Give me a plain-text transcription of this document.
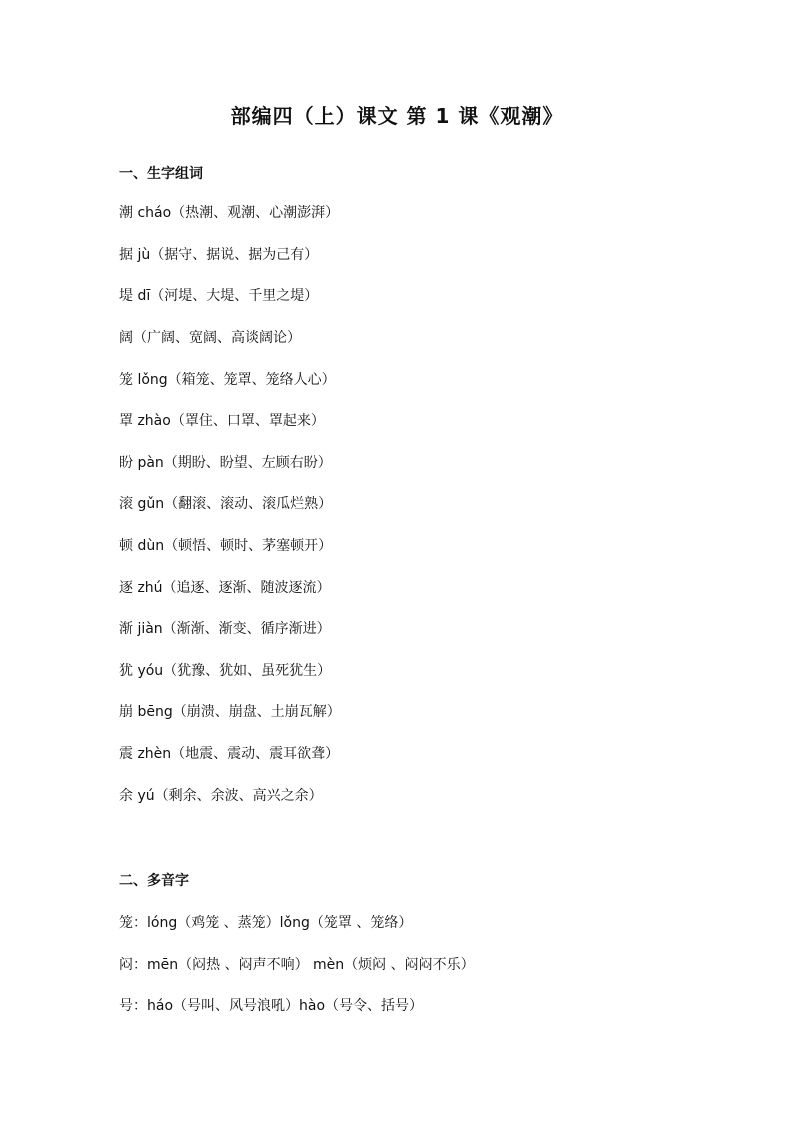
部编四（上）课文 第 1 课《观潮》
一、生字组词
潮 cháo（热潮、观潮、心潮澎湃）
据 jù（据守、据说、据为己有）
堤 dī（河堤、大堤、千里之堤）
阔（广阔、宽阔、高谈阔论）
笼 lǒng（箱笼、笼罩、笼络人心）
罩 zhào（罩住、口罩、罩起来）
盼 pàn（期盼、盼望、左顾右盼）
滚 gǔn（翻滚、滚动、滚瓜烂熟）
顿 dùn（顿悟、顿时、茅塞顿开）
逐 zhú（追逐、逐渐、随波逐流）
渐 jiàn（渐渐、渐变、循序渐进）
犹 yóu（犹豫、犹如、虽死犹生）
崩 bēng（崩溃、崩盘、土崩瓦解）
震 zhèn（地震、震动、震耳欲聋）
余 yú（剩余、余波、高兴之余）
二、多音字
笼：lóng（鸡笼 、蒸笼）lǒng（笼罩 、笼络）
闷：mēn（闷热 、闷声不响） mèn（烦闷 、闷闷不乐）
号：háo（号叫、风号浪吼）hào（号令、括号）
